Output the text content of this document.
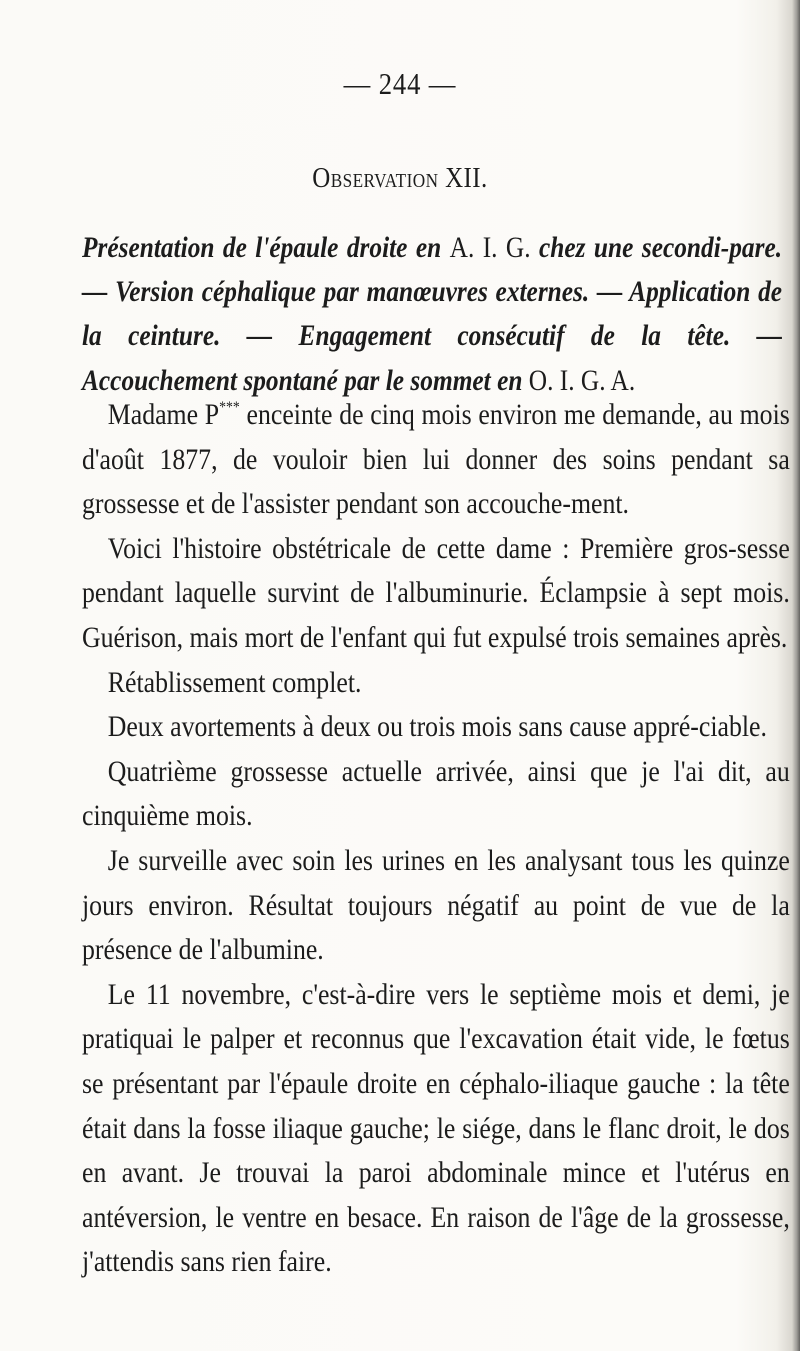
— 244 —
Observation XII.
Présentation de l'épaule droite en A. I. G. chez une secondi-pare. — Version céphalique par manœuvres externes. — Application de la ceinture. — Engagement consécutif de la tête. — Accouchement spontané par le sommet en O. I. G. A.

Madame P*** enceinte de cinq mois environ me demande, au mois d'août 1877, de vouloir bien lui donner des soins pendant sa grossesse et de l'assister pendant son accouche-ment.

Voici l'histoire obstétricale de cette dame : Première gros-sesse pendant laquelle survint de l'albuminurie. Éclampsie à sept mois. Guérison, mais mort de l'enfant qui fut expulsé trois semaines après.

Rétablissement complet.

Deux avortements à deux ou trois mois sans cause appré-ciable.

Quatrième grossesse actuelle arrivée, ainsi que je l'ai dit, au cinquième mois.

Je surveille avec soin les urines en les analysant tous les quinze jours environ. Résultat toujours négatif au point de vue de la présence de l'albumine.

Le 11 novembre, c'est-à-dire vers le septième mois et demi, je pratiquai le palper et reconnus que l'excavation était vide, le fœtus se présentant par l'épaule droite en céphalo-iliaque gauche : la tête était dans la fosse iliaque gauche; le siége, dans le flanc droit, le dos en avant. Je trouvai la paroi abdominale mince et l'utérus en antéversion, le ventre en besace. En raison de l'âge de la grossesse, j'attendis sans rien faire.
